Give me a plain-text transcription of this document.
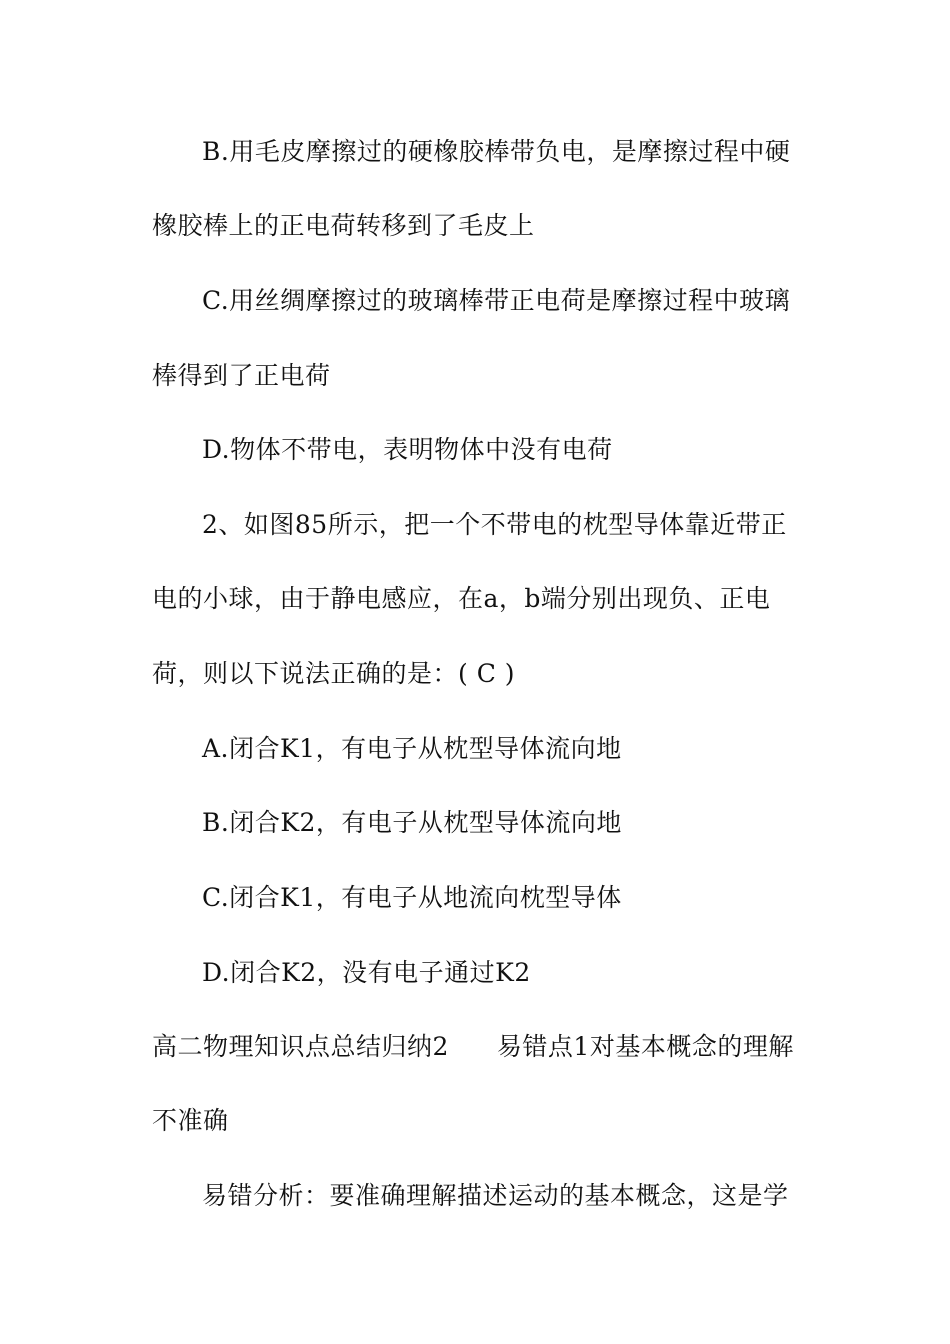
B.用毛皮摩擦过的硬橡胶棒带负电，是摩擦过程中硬
橡胶棒上的正电荷转移到了毛皮上
C.用丝绸摩擦过的玻璃棒带正电荷是摩擦过程中玻璃
棒得到了正电荷
D.物体不带电，表明物体中没有电荷
2、如图85所示，把一个不带电的枕型导体靠近带正
电的小球，由于静电感应，在a，b端分别出现负、正电
荷，则以下说法正确的是：( C )
A.闭合K1，有电子从枕型导体流向地
B.闭合K2，有电子从枕型导体流向地
C.闭合K1，有电子从地流向枕型导体
D.闭合K2，没有电子通过K2
高二物理知识点总结归纳2 易错点1对基本概念的理解
不准确
易错分析：要准确理解描述运动的基本概念，这是学
